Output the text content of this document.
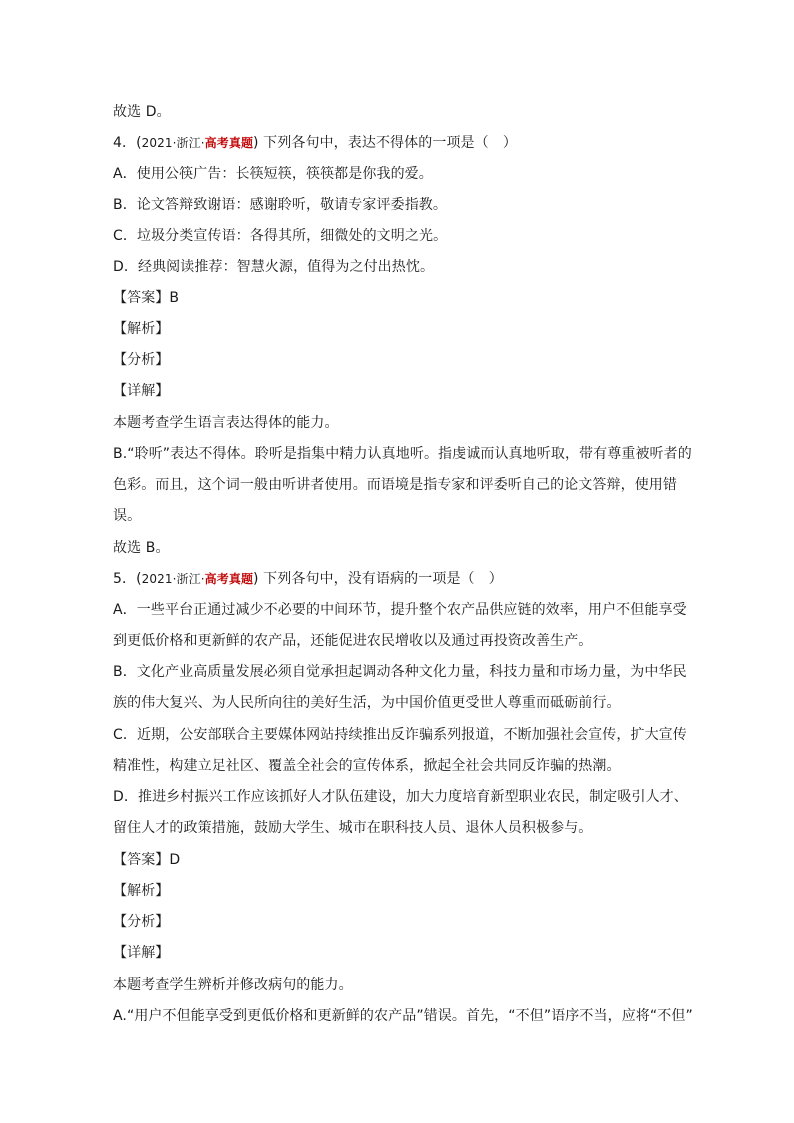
故选 D。
4．(2021·浙江·高考真题) 下列各句中，表达不得体的一项是（　）
A．使用公筷广告：长筷短筷，筷筷都是你我的爱。
B．论文答辩致谢语：感谢聆听，敬请专家评委指教。
C．垃圾分类宣传语：各得其所，细微处的文明之光。
D．经典阅读推荐：智慧火源，值得为之付出热忱。
【答案】B
【解析】
【分析】
【详解】
本题考查学生语言表达得体的能力。
B.“聆听”表达不得体。聆听是指集中精力认真地听。指虔诚而认真地听取，带有尊重被听者的
色彩。而且，这个词一般由听讲者使用。而语境是指专家和评委听自己的论文答辩，使用错
误。
故选 B。
5．(2021·浙江·高考真题) 下列各句中，没有语病的一项是（　）
A．一些平台正通过减少不必要的中间环节，提升整个农产品供应链的效率，用户不但能享受
到更低价格和更新鲜的农产品，还能促进农民增收以及通过再投资改善生产。
B．文化产业高质量发展必须自觉承担起调动各种文化力量，科技力量和市场力量，为中华民
族的伟大复兴、为人民所向往的美好生活，为中国价值更受世人尊重而砥砺前行。
C．近期，公安部联合主要媒体网站持续推出反诈骗系列报道，不断加强社会宣传，扩大宣传
精准性，构建立足社区、覆盖全社会的宣传体系，掀起全社会共同反诈骗的热潮。
D．推进乡村振兴工作应该抓好人才队伍建设，加大力度培育新型职业农民，制定吸引人才、
留住人才的政策措施，鼓励大学生、城市在职科技人员、退休人员积极参与。
【答案】D
【解析】
【分析】
【详解】
本题考查学生辨析并修改病句的能力。
A.“用户不但能享受到更低价格和更新鲜的农产品”错误。首先，“不但”语序不当，应将“不但”
